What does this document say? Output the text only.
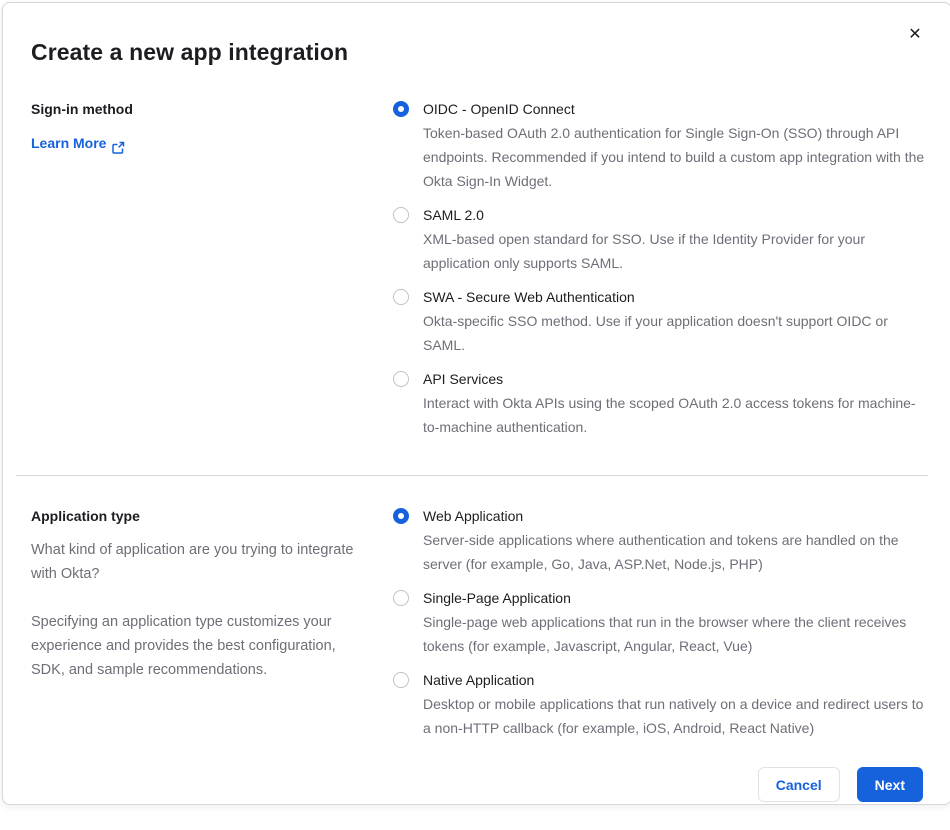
✕
Create a new app integration
Sign-in method
Learn More
OIDC - OpenID Connect
Token-based OAuth 2.0 authentication for Single Sign-On (SSO) through API endpoints. Recommended if you intend to build a custom app integration with the Okta Sign-In Widget.
SAML 2.0
XML-based open standard for SSO. Use if the Identity Provider for your application only supports SAML.
SWA - Secure Web Authentication
Okta-specific SSO method. Use if your application doesn't support OIDC or SAML.
API Services
Interact with Okta APIs using the scoped OAuth 2.0 access tokens for machine-to-machine authentication.
Application type
What kind of application are you trying to integrate with Okta?
Specifying an application type customizes your experience and provides the best configuration, SDK, and sample recommendations.
Web Application
Server-side applications where authentication and tokens are handled on the server (for example, Go, Java, ASP.Net, Node.js, PHP)
Single-Page Application
Single-page web applications that run in the browser where the client receives tokens (for example, Javascript, Angular, React, Vue)
Native Application
Desktop or mobile applications that run natively on a device and redirect users to a non-HTTP callback (for example, iOS, Android, React Native)
Cancel	Next
